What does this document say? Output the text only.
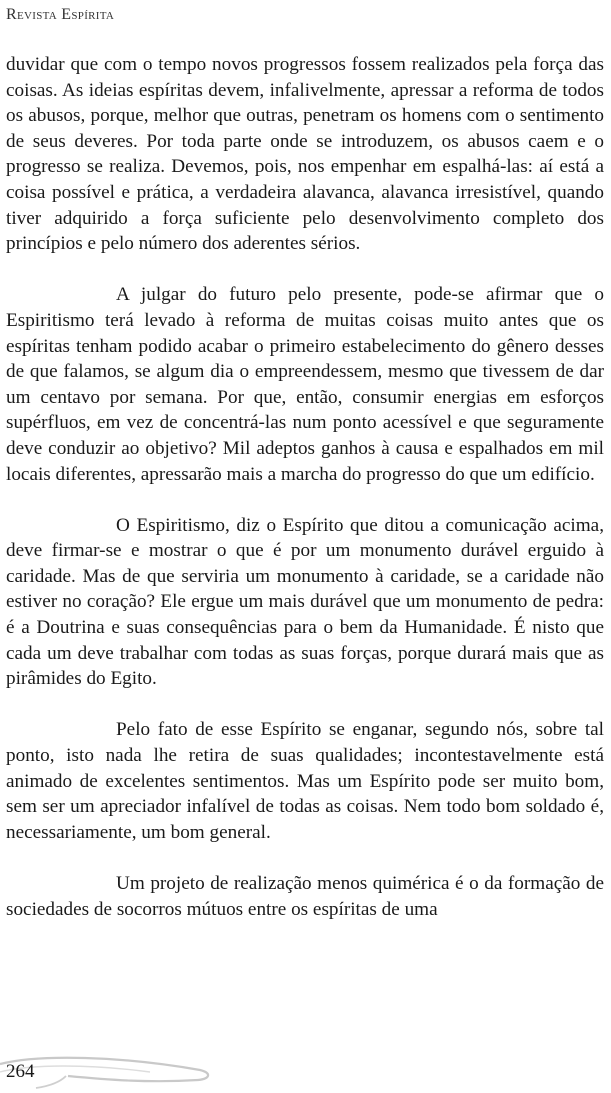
Revista Espírita

duvidar que com o tempo novos progressos fossem realizados pela força das coisas. As ideias espíritas devem, infalivelmente, apressar a reforma de todos os abusos, porque, melhor que outras, penetram os homens com o sentimento de seus deveres. Por toda parte onde se introduzem, os abusos caem e o progresso se realiza. Devemos, pois, nos empenhar em espalhá-las: aí está a coisa possível e prática, a verdadeira alavanca, alavanca irresistível, quando tiver adquirido a força suficiente pelo desenvolvimento completo dos princípios e pelo número dos aderentes sérios.

A julgar do futuro pelo presente, pode-se afirmar que o Espiritismo terá levado à reforma de muitas coisas muito antes que os espíritas tenham podido acabar o primeiro estabelecimento do gênero desses de que falamos, se algum dia o empreendessem, mesmo que tivessem de dar um centavo por semana. Por que, então, consumir energias em esforços supérfluos, em vez de concentrá-las num ponto acessível e que seguramente deve conduzir ao objetivo? Mil adeptos ganhos à causa e espalhados em mil locais diferentes, apressarão mais a marcha do progresso do que um edifício.

O Espiritismo, diz o Espírito que ditou a comunicação acima, deve firmar-se e mostrar o que é por um monumento durável erguido à caridade. Mas de que serviria um monumento à caridade, se a caridade não estiver no coração? Ele ergue um mais durável que um monumento de pedra: é a Doutrina e suas consequências para o bem da Humanidade. É nisto que cada um deve trabalhar com todas as suas forças, porque durará mais que as pirâmides do Egito.

Pelo fato de esse Espírito se enganar, segundo nós, sobre tal ponto, isto nada lhe retira de suas qualidades; incontestavelmente está animado de excelentes sentimentos. Mas um Espírito pode ser muito bom, sem ser um apreciador infalível de todas as coisas. Nem todo bom soldado é, necessariamente, um bom general.

Um projeto de realização menos quimérica é o da formação de sociedades de socorros mútuos entre os espíritas de uma

264
